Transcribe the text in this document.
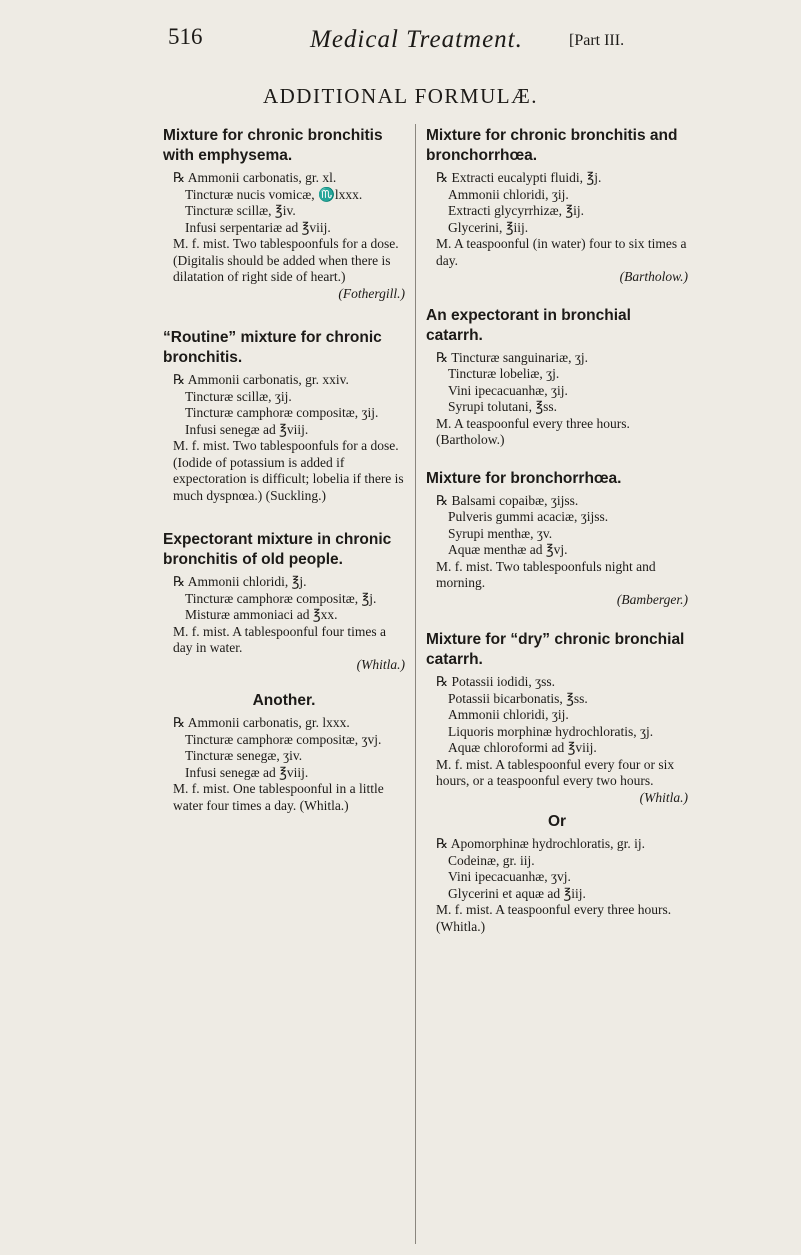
516	Medical Treatment.	[Part III.
ADDITIONAL FORMULÆ.
Mixture for chronic bronchitis with emphysema.
℞ Ammonii carbonatis, gr. xl.
Tincturæ nucis vomicæ, ♏lxxx.
Tincturæ scillæ, ℥iv.
Infusi serpentariæ ad ℥viij.
M. f. mist. Two tablespoonfuls for a dose. (Digitalis should be added when there is dilatation of right side of heart.)
(Fothergill.)
“Routine” mixture for chronic bronchitis.
℞ Ammonii carbonatis, gr. xxiv.
Tincturæ scillæ, ʒij.
Tincturæ camphoræ compositæ, ʒij.
Infusi senegæ ad ℥viij.
M. f. mist. Two tablespoonfuls for a dose. (Iodide of potassium is added if expectoration is difficult; lobelia if there is much dyspnœa.) (Suckling.)
Expectorant mixture in chronic bronchitis of old people.
℞ Ammonii chloridi, ℥j.
Tincturæ camphoræ compositæ, ℥j.
Misturæ ammoniaci ad ℥xx.
M. f. mist. A tablespoonful four times a day in water.
(Whitla.)
Another.
℞ Ammonii carbonatis, gr. lxxx.
Tincturæ camphoræ compositæ, ʒvj.
Tincturæ senegæ, ʒiv.
Infusi senegæ ad ℥viij.
M. f. mist. One tablespoonful in a little water four times a day. (Whitla.)
Mixture for chronic bronchitis and bronchorrhœa.
℞ Extracti eucalypti fluidi, ℥j.
Ammonii chloridi, ʒij.
Extracti glycyrrhizæ, ℥ij.
Glycerini, ℥iij.
M. A teaspoonful (in water) four to six times a day.
(Bartholow.)
An expectorant in bronchial catarrh.
℞ Tincturæ sanguinariæ, ʒj.
Tincturæ lobeliæ, ʒj.
Vini ipecacuanhæ, ʒij.
Syrupi tolutani, ℥ss.
M. A teaspoonful every three hours. (Bartholow.)
Mixture for bronchorrhœa.
℞ Balsami copaibæ, ʒijss.
Pulveris gummi acaciæ, ʒijss.
Syrupi menthæ, ʒv.
Aquæ menthæ ad ℥vj.
M. f. mist. Two tablespoonfuls night and morning.
(Bamberger.)
Mixture for “dry” chronic bronchial catarrh.
℞ Potassii iodidi, ʒss.
Potassii bicarbonatis, ℥ss.
Ammonii chloridi, ʒij.
Liquoris morphinæ hydrochloratis, ʒj.
Aquæ chloroformi ad ℥viij.
M. f. mist. A tablespoonful every four or six hours, or a teaspoonful every two hours.
(Whitla.)
Or
℞ Apomorphinæ hydrochloratis, gr. ij.
Codeinæ, gr. iij.
Vini ipecacuanhæ, ʒvj.
Glycerini et aquæ ad ℥iij.
M. f. mist. A teaspoonful every three hours. (Whitla.)
